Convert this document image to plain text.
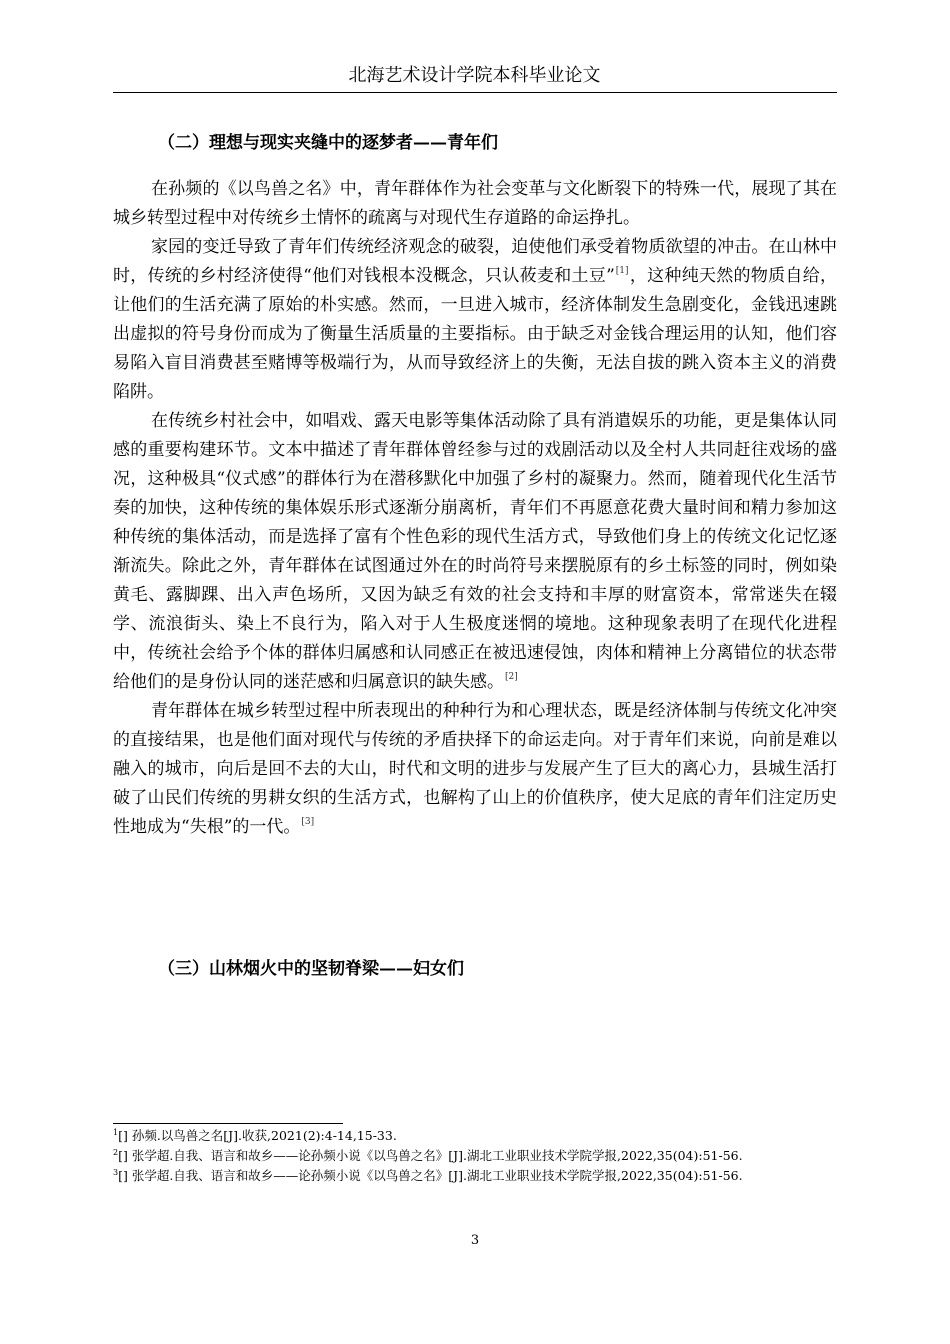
北海艺术设计学院本科毕业论文
（二）理想与现实夹缝中的逐梦者——青年们

在孙频的《以鸟兽之名》中，青年群体作为社会变革与文化断裂下的特殊一代，展现了其在城乡转型过程中对传统乡土情怀的疏离与对现代生存道路的命运挣扎。

家园的变迁导致了青年们传统经济观念的破裂，迫使他们承受着物质欲望的冲击。在山林中时，传统的乡村经济使得“他们对钱根本没概念，只认莜麦和土豆”[1]，这种纯天然的物质自给，让他们的生活充满了原始的朴实感。然而，一旦进入城市，经济体制发生急剧变化，金钱迅速跳出虚拟的符号身份而成为了衡量生活质量的主要指标。由于缺乏对金钱合理运用的认知，他们容易陷入盲目消费甚至赌博等极端行为，从而导致经济上的失衡，无法自拔的跳入资本主义的消费陷阱。

在传统乡村社会中，如唱戏、露天电影等集体活动除了具有消遣娱乐的功能，更是集体认同感的重要构建环节。文本中描述了青年群体曾经参与过的戏剧活动以及全村人共同赶往戏场的盛况，这种极具“仪式感”的群体行为在潜移默化中加强了乡村的凝聚力。然而，随着现代化生活节奏的加快，这种传统的集体娱乐形式逐渐分崩离析，青年们不再愿意花费大量时间和精力参加这种传统的集体活动，而是选择了富有个性色彩的现代生活方式，导致他们身上的传统文化记忆逐渐流失。除此之外，青年群体在试图通过外在的时尚符号来摆脱原有的乡土标签的同时，例如染黄毛、露脚踝、出入声色场所，又因为缺乏有效的社会支持和丰厚的财富资本，常常迷失在辍学、流浪街头、染上不良行为，陷入对于人生极度迷惘的境地。这种现象表明了在现代化进程中，传统社会给予个体的群体归属感和认同感正在被迅速侵蚀，肉体和精神上分离错位的状态带给他们的是身份认同的迷茫感和归属意识的缺失感。[2]

青年群体在城乡转型过程中所表现出的种种行为和心理状态，既是经济体制与传统文化冲突的直接结果，也是他们面对现代与传统的矛盾抉择下的命运走向。对于青年们来说，向前是难以融入的城市，向后是回不去的大山，时代和文明的进步与发展产生了巨大的离心力，县城生活打破了山民们传统的男耕女织的生活方式，也解构了山上的价值秩序，使大足底的青年们注定历史性地成为“失根”的一代。[3]

（三）山林烟火中的坚韧脊梁——妇女们

$^1$[] 孙频.以鸟兽之名[J].收获,2021(2):4-14,15-33.

$^2$[] 张学超.自我、语言和故乡——论孙频小说《以鸟兽之名》[J].湖北工业职业技术学院学报,2022,35(04):51-56.

$^3$[] 张学超.自我、语言和故乡——论孙频小说《以鸟兽之名》[J].湖北工业职业技术学院学报,2022,35(04):51-56.

3
